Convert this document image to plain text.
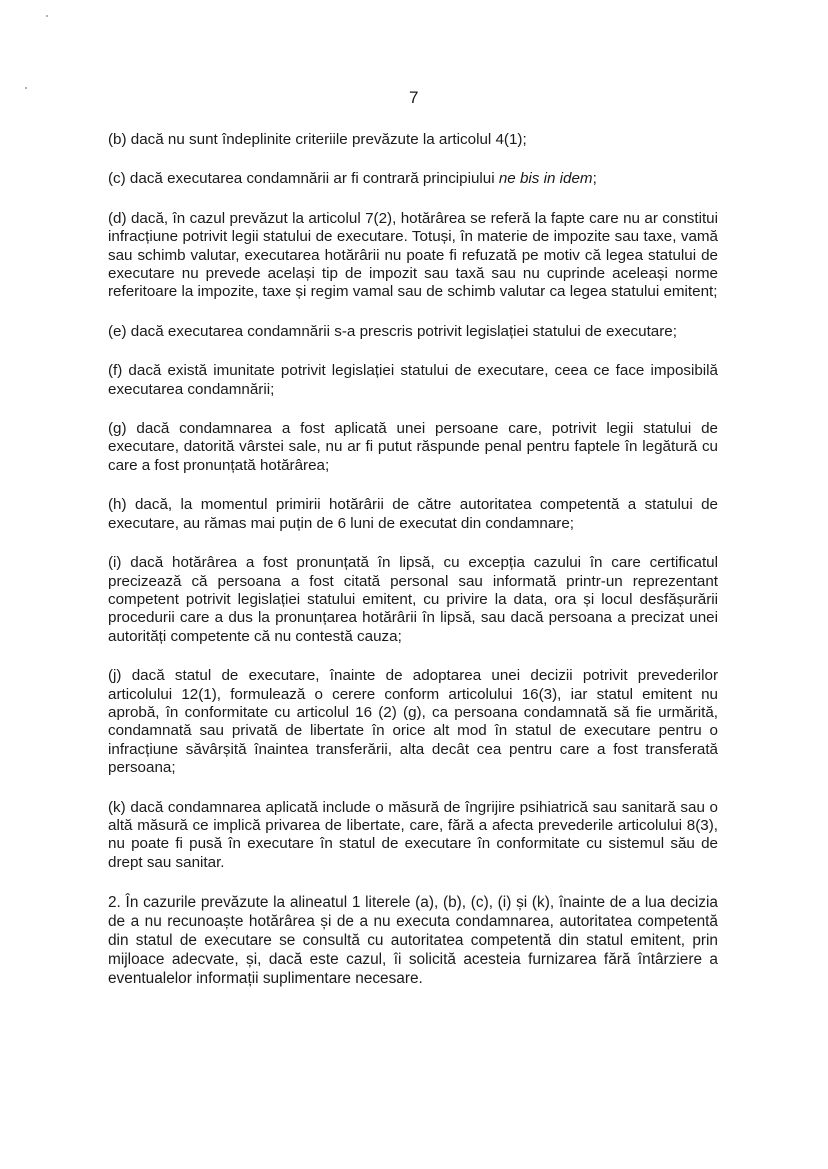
7

(b) dacă nu sunt îndeplinite criteriile prevăzute la articolul 4(1);

(c) dacă executarea condamnării ar fi contrară principiului ne bis in idem;

(d) dacă, în cazul prevăzut la articolul 7(2), hotărârea se referă la fapte care nu ar constitui infracțiune potrivit legii statului de executare. Totuși, în materie de impozite sau taxe, vamă sau schimb valutar, executarea hotărârii nu poate fi refuzată pe motiv că legea statului de executare nu prevede același tip de impozit sau taxă sau nu cuprinde aceleași norme referitoare la impozite, taxe și regim vamal sau de schimb valutar ca legea statului emitent;

(e) dacă executarea condamnării s-a prescris potrivit legislației statului de executare;

(f) dacă există imunitate potrivit legislației statului de executare, ceea ce face imposibilă executarea condamnării;

(g) dacă condamnarea a fost aplicată unei persoane care, potrivit legii statului de executare, datorită vârstei sale, nu ar fi putut răspunde penal pentru faptele în legătură cu care a fost pronunțată hotărârea;

(h) dacă, la momentul primirii hotărârii de către autoritatea competentă a statului de executare, au rămas mai puțin de 6 luni de executat din condamnare;

(i) dacă hotărârea a fost pronunțată în lipsă, cu excepția cazului în care certificatul precizează că persoana a fost citată personal sau informată printr-un reprezentant competent potrivit legislației statului emitent, cu privire la data, ora și locul desfășurării procedurii care a dus la pronunțarea hotărârii în lipsă, sau dacă persoana a precizat unei autorități competente că nu contestă cauza;

(j) dacă statul de executare, înainte de adoptarea unei decizii potrivit prevederilor articolului 12(1), formulează o cerere conform articolului 16(3), iar statul emitent nu aprobă, în conformitate cu articolul 16 (2) (g), ca persoana condamnată să fie urmărită, condamnată sau privată de libertate în orice alt mod în statul de executare pentru o infracțiune săvârșită înaintea transferării, alta decât cea pentru care a fost transferată persoana;

(k) dacă condamnarea aplicată include o măsură de îngrijire psihiatrică sau sanitară sau o altă măsură ce implică privarea de libertate, care, fără a afecta prevederile articolului 8(3), nu poate fi pusă în executare în statul de executare în conformitate cu sistemul său de drept sau sanitar.

2. În cazurile prevăzute la alineatul 1 literele (a), (b), (c), (i) și (k), înainte de a lua decizia de a nu recunoaște hotărârea și de a nu executa condamnarea, autoritatea competentă din statul de executare se consultă cu autoritatea competentă din statul emitent, prin mijloace adecvate, și, dacă este cazul, îi solicită acesteia furnizarea fără întârziere a eventualelor informații suplimentare necesare.
